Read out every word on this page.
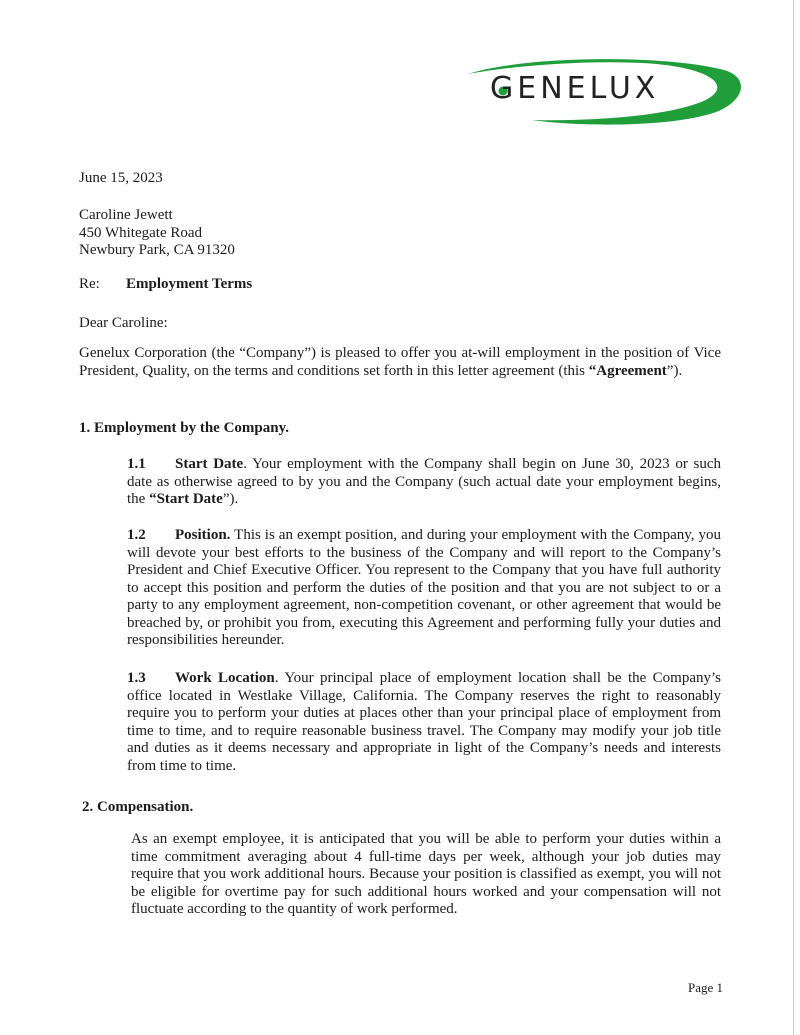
GENELUX
June 15, 2023
Caroline Jewett
450 Whitegate Road
Newbury Park, CA 91320
Re: Employment Terms
Dear Caroline:
Genelux Corporation (the “Company”) is pleased to offer you at-will employment in the position of Vice President, Quality, on the terms and conditions set forth in this letter agreement (this “Agreement”).
1. Employment by the Company.
1.1 Start Date. Your employment with the Company shall begin on June 30, 2023 or such date as otherwise agreed to by you and the Company (such actual date your employment begins, the “Start Date”).
1.2 Position. This is an exempt position, and during your employment with the Company, you will devote your best efforts to the business of the Company and will report to the Company’s President and Chief Executive Officer. You represent to the Company that you have full authority to accept this position and perform the duties of the position and that you are not subject to or a party to any employment agreement, non-competition covenant, or other agreement that would be breached by, or prohibit you from, executing this Agreement and performing fully your duties and responsibilities hereunder.
1.3 Work Location. Your principal place of employment location shall be the Company’s office located in Westlake Village, California. The Company reserves the right to reasonably require you to perform your duties at places other than your principal place of employment from time to time, and to require reasonable business travel. The Company may modify your job title and duties as it deems necessary and appropriate in light of the Company’s needs and interests from time to time.
2. Compensation.
As an exempt employee, it is anticipated that you will be able to perform your duties within a time commitment averaging about 4 full-time days per week, although your job duties may require that you work additional hours. Because your position is classified as exempt, you will not be eligible for overtime pay for such additional hours worked and your compensation will not fluctuate according to the quantity of work performed.
Page 1
